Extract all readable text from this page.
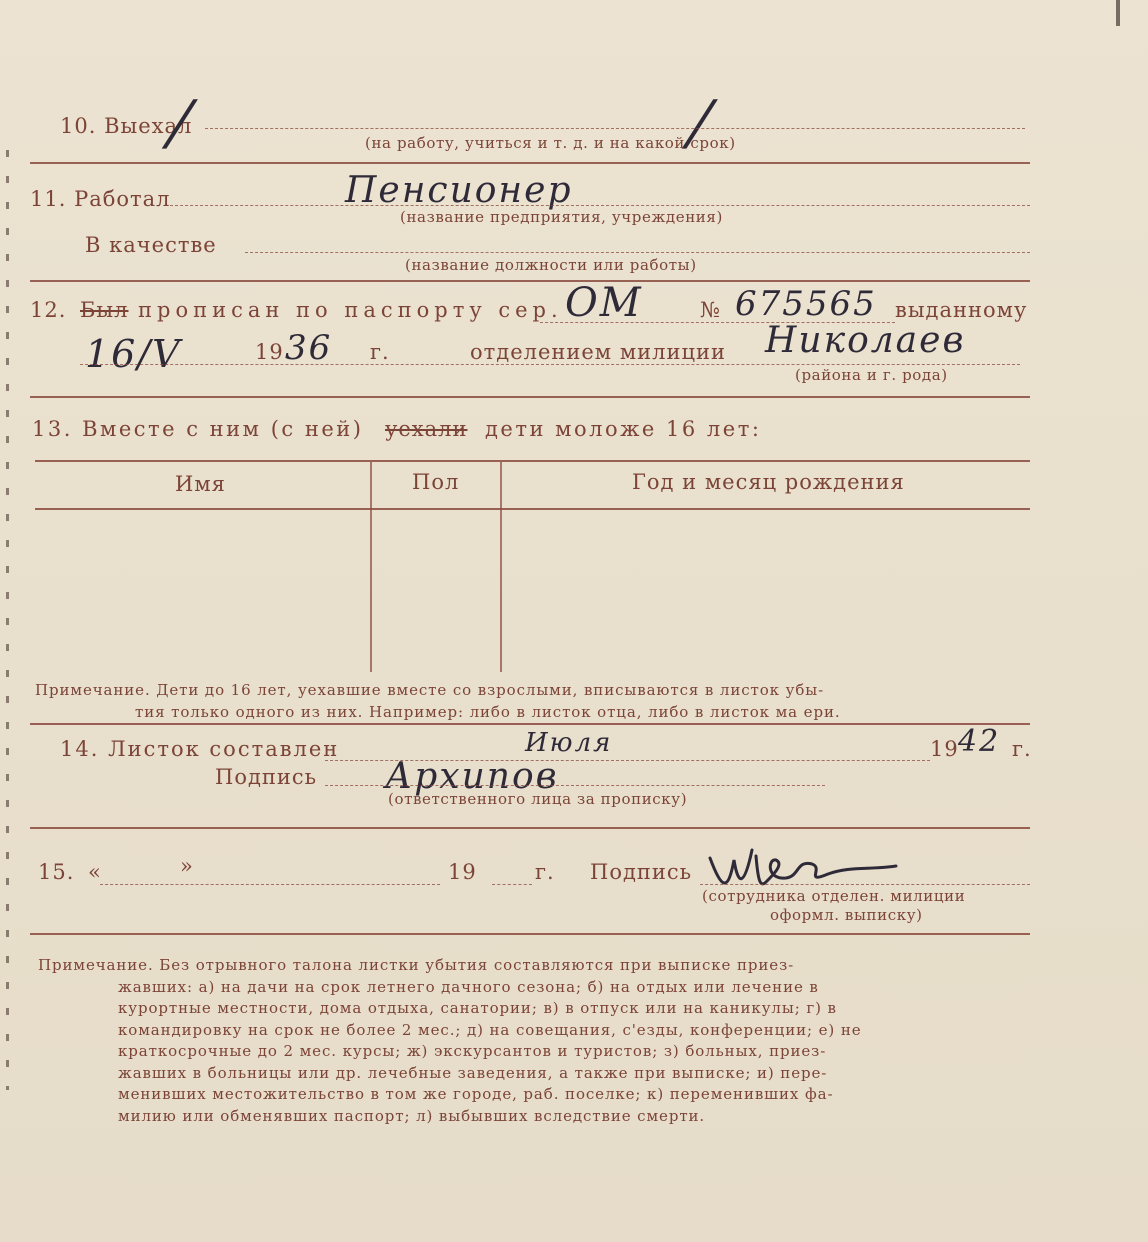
10. Выехал
/	/
(на работу, учиться и т. д. и на какой срок)
11. Работал	Пенсионер
(название предприятия, учреждения)
В качестве
(название должности или работы)
12. Был прописан по паспорту сер. ОМ	№ 675565 выданному
16/V	19 36 г.	отделением милиции Николаев
(района и г. рода)
13. Вместе с ним (с ней) уехали дети моложе 16 лет:
Имя	Пол	Год и месяц рождения
Примечание. Дети до 16 лет, уехавшие вместе со взрослыми, вписываются в листок убы-
тия только одного из них. Например: либо в листок отца, либо в листок ма ери.
14. Листок составлен	Июля	19 42 г.
Подпись Архипов
(ответственного лица за прописку)
15. «	»	19	г. Подпись
(сотрудника отделен. милиции
оформл. выписку)
Примечание. Без отрывного талона листки убытия составляются при выписке приез-
жавших: а) на дачи на срок летнего дачного сезона; б) на отдых или лечение в
курортные местности, дома отдыха, санатории; в) в отпуск или на каникулы; г) в
командировку на срок не более 2 мес.; д) на совещания, с'езды, конференции; е) не
краткосрочные до 2 мес. курсы; ж) экскурсантов и туристов; з) больных, приез-
жавших в больницы или др. лечебные заведения, а также при выписке; и) пере-
менивших местожительство в том же городе, раб. поселке; к) переменивших фа-
милию или обменявших паспорт; л) выбывших вследствие смерти.
